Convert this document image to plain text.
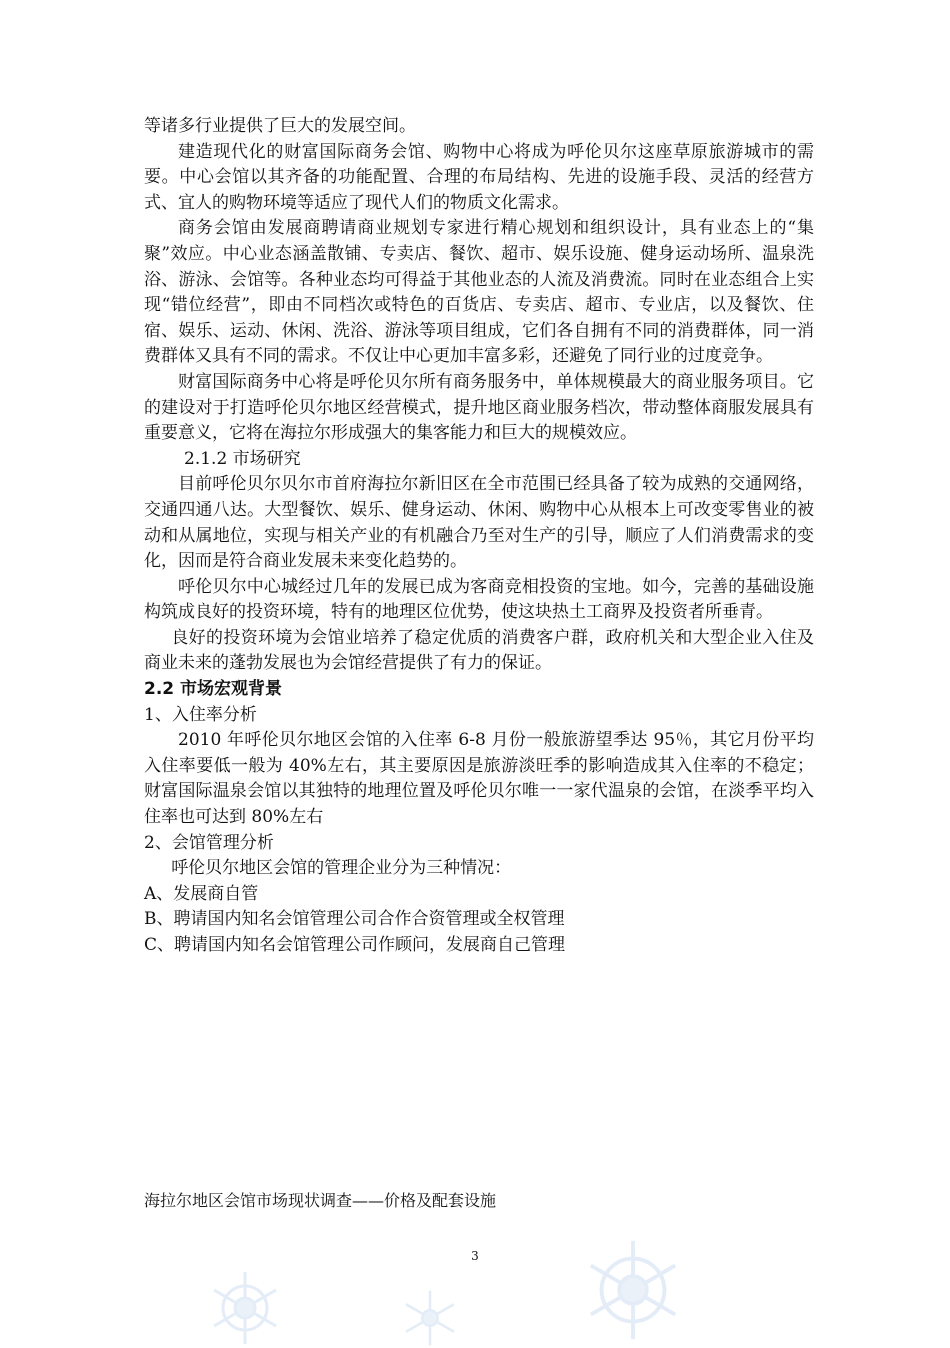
等诸多行业提供了巨大的发展空间。

建造现代化的财富国际商务会馆、购物中心将成为呼伦贝尔这座草原旅游城市的需要。中心会馆以其齐备的功能配置、合理的布局结构、先进的设施手段、灵活的经营方式、宜人的购物环境等适应了现代人们的物质文化需求。

商务会馆由发展商聘请商业规划专家进行精心规划和组织设计，具有业态上的“集聚”效应。中心业态涵盖散铺、专卖店、餐饮、超市、娱乐设施、健身运动场所、温泉洗浴、游泳、会馆等。各种业态均可得益于其他业态的人流及消费流。同时在业态组合上实现“错位经营”，即由不同档次或特色的百货店、专卖店、超市、专业店，以及餐饮、住宿、娱乐、运动、休闲、洗浴、游泳等项目组成，它们各自拥有不同的消费群体，同一消费群体又具有不同的需求。不仅让中心更加丰富多彩，还避免了同行业的过度竞争。

财富国际商务中心将是呼伦贝尔所有商务服务中，单体规模最大的商业服务项目。它的建设对于打造呼伦贝尔地区经营模式，提升地区商业服务档次，带动整体商服发展具有重要意义，它将在海拉尔形成强大的集客能力和巨大的规模效应。

2.1.2 市场研究

目前呼伦贝尔贝尔市首府海拉尔新旧区在全市范围已经具备了较为成熟的交通网络，交通四通八达。大型餐饮、娱乐、健身运动、休闲、购物中心从根本上可改变零售业的被动和从属地位，实现与相关产业的有机融合乃至对生产的引导，顺应了人们消费需求的变化，因而是符合商业发展未来变化趋势的。

呼伦贝尔中心城经过几年的发展已成为客商竞相投资的宝地。如今，完善的基础设施构筑成良好的投资环境，特有的地理区位优势，使这块热土工商界及投资者所垂青。

良好的投资环境为会馆业培养了稳定优质的消费客户群，政府机关和大型企业入住及商业未来的蓬勃发展也为会馆经营提供了有力的保证。

2.2 市场宏观背景

1、入住率分析

2010 年呼伦贝尔地区会馆的入住率 6-8 月份一般旅游望季达 95％，其它月份平均入住率要低一般为 40%左右，其主要原因是旅游淡旺季的影响造成其入住率的不稳定；财富国际温泉会馆以其独特的地理位置及呼伦贝尔唯一一家代温泉的会馆，在淡季平均入住率也可达到 80%左右

2、会馆管理分析

呼伦贝尔地区会馆的管理企业分为三种情况：

A、发展商自管

B、聘请国内知名会馆管理公司合作合资管理或全权管理

C、聘请国内知名会馆管理公司作顾问，发展商自己管理

海拉尔地区会馆市场现状调查——价格及配套设施
3
